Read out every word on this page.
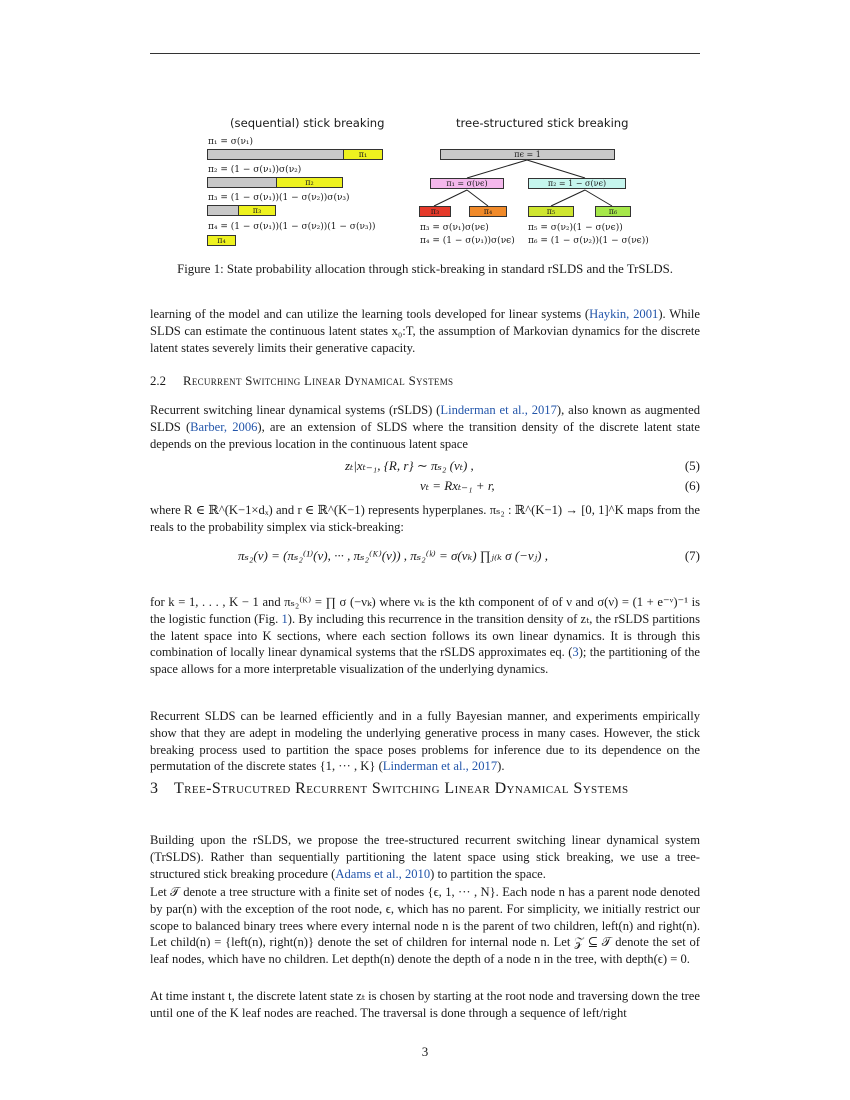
(sequential) stick breaking	tree-structured stick breaking
π₁ = σ(ν₁)
π₁
π₂ = (1 − σ(ν₁))σ(ν₂)
π₂
π₃ = (1 − σ(ν₁))(1 − σ(ν₂))σ(ν₃)
π₃
π₄ = (1 − σ(ν₁))(1 − σ(ν₂))(1 − σ(ν₃))
π₄
πϵ = 1
π₁ = σ(νϵ)	π₂ = 1 − σ(νϵ)
π₃	π₄	π₅	π₆
π₃ = σ(ν₁)σ(νϵ)
π₄ = (1 − σ(ν₁))σ(νϵ)
π₅ = σ(ν₂)(1 − σ(νϵ))
π₆ = (1 − σ(ν₂))(1 − σ(νϵ))
Figure 1: State probability allocation through stick-breaking in standard rSLDS and the TrSLDS.
learning of the model and can utilize the learning tools developed for linear systems (Haykin, 2001). While SLDS can estimate the continuous latent states x₀:T, the assumption of Markovian dynamics for the discrete latent states severely limits their generative capacity.
2.2 Recurrent Switching Linear Dynamical Systems
Recurrent switching linear dynamical systems (rSLDS) (Linderman et al., 2017), also known as augmented SLDS (Barber, 2006), are an extension of SLDS where the transition density of the discrete latent state depends on the previous location in the continuous latent space
zₜ|xₜ₋₁, {R, r} ∼ πₛ₂ (νₜ) ,	(5)
νₜ = Rxₜ₋₁ + r,	(6)
where R ∈ ℝ^(K−1×dₓ) and r ∈ ℝ^(K−1) represents hyperplanes. πₛ₂ : ℝ^(K−1) → [0, 1]^K maps from the reals to the probability simplex via stick-breaking:
πₛ₂(ν) = (πₛ₂⁽¹⁾(ν), ··· , πₛ₂⁽ᴷ⁾(ν)) , πₛ₂⁽ᵏ⁾ = σ(νₖ) ∏ⱼ₍ₖ σ (−νⱼ) ,	(7)
for k = 1, . . . , K − 1 and πₛ₂⁽ᴷ⁾ = ∏ σ (−νₖ) where νₖ is the kth component of of ν and σ(ν) = (1 + e⁻ᵛ)⁻¹ is the logistic function (Fig. 1). By including this recurrence in the transition density of zₜ, the rSLDS partitions the latent space into K sections, where each section follows its own linear dynamics. It is through this combination of locally linear dynamical systems that the rSLDS approximates eq. (3); the partitioning of the space allows for a more interpretable visualization of the underlying dynamics.
Recurrent SLDS can be learned efficiently and in a fully Bayesian manner, and experiments empirically show that they are adept in modeling the underlying generative process in many cases. However, the stick breaking process used to partition the space poses problems for inference due to its dependence on the permutation of the discrete states {1, ··· , K} (Linderman et al., 2017).
3 Tree-Strucutred Recurrent Switching Linear Dynamical Systems
Building upon the rSLDS, we propose the tree-structured recurrent switching linear dynamical system (TrSLDS). Rather than sequentially partitioning the latent space using stick breaking, we use a tree-structured stick breaking procedure (Adams et al., 2010) to partition the space.
Let 𝒯 denote a tree structure with a finite set of nodes {ϵ, 1, ··· , N}. Each node n has a parent node denoted by par(n) with the exception of the root node, ϵ, which has no parent. For simplicity, we initially restrict our scope to balanced binary trees where every internal node n is the parent of two children, left(n) and right(n). Let child(n) = {left(n), right(n)} denote the set of children for internal node n. Let 𝒵 ⊆ 𝒯 denote the set of leaf nodes, which have no children. Let depth(n) denote the depth of a node n in the tree, with depth(ϵ) = 0.
At time instant t, the discrete latent state zₜ is chosen by starting at the root node and traversing down the tree until one of the K leaf nodes are reached. The traversal is done through a sequence of left/right
3
